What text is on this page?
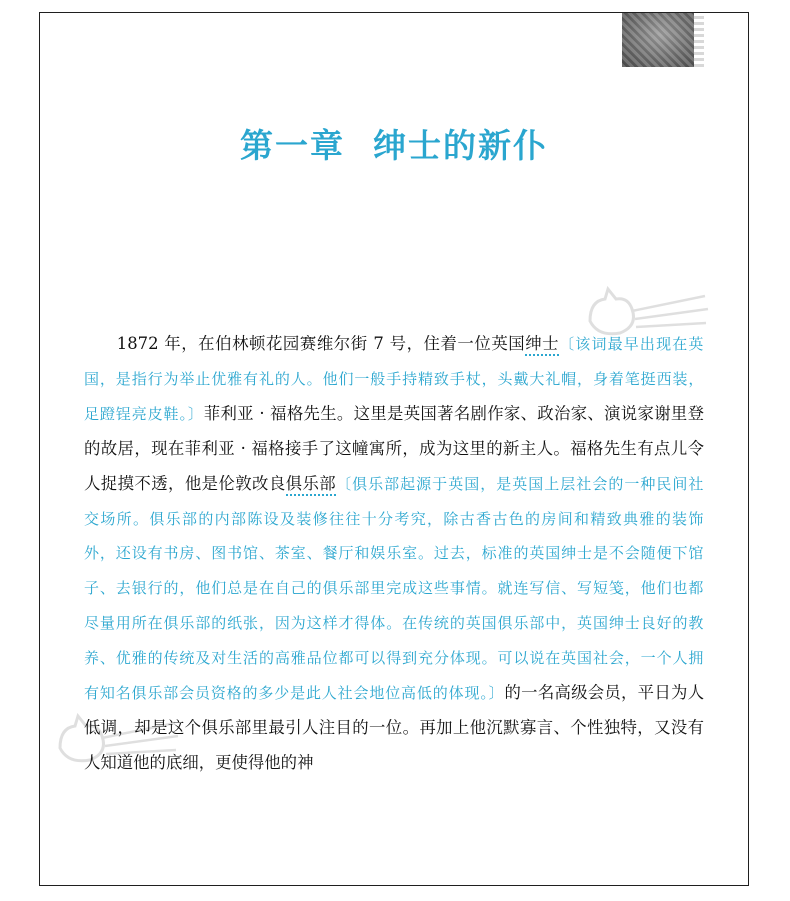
第一章 绅士的新仆

1872 年，在伯林顿花园赛维尔街 7 号，住着一位英国绅士〔该词最早出现在英国，是指行为举止优雅有礼的人。他们一般手持精致手杖，头戴大礼帽，身着笔挺西装，足蹬锃亮皮鞋。〕菲利亚 · 福格先生。这里是英国著名剧作家、政治家、演说家谢里登的故居，现在菲利亚 · 福格接手了这幢寓所，成为这里的新主人。福格先生有点儿令人捉摸不透，他是伦敦改良俱乐部〔俱乐部起源于英国，是英国上层社会的一种民间社交场所。俱乐部的内部陈设及装修往往十分考究，除古香古色的房间和精致典雅的装饰外，还设有书房、图书馆、茶室、餐厅和娱乐室。过去，标准的英国绅士是不会随便下馆子、去银行的，他们总是在自己的俱乐部里完成这些事情。就连写信、写短笺，他们也都尽量用所在俱乐部的纸张，因为这样才得体。在传统的英国俱乐部中，英国绅士良好的教养、优雅的传统及对生活的高雅品位都可以得到充分体现。可以说在英国社会，一个人拥有知名俱乐部会员资格的多少是此人社会地位高低的体现。〕的一名高级会员，平日为人低调，却是这个俱乐部里最引人注目的一位。再加上他沉默寡言、个性独特，又没有人知道他的底细，更使得他的神
